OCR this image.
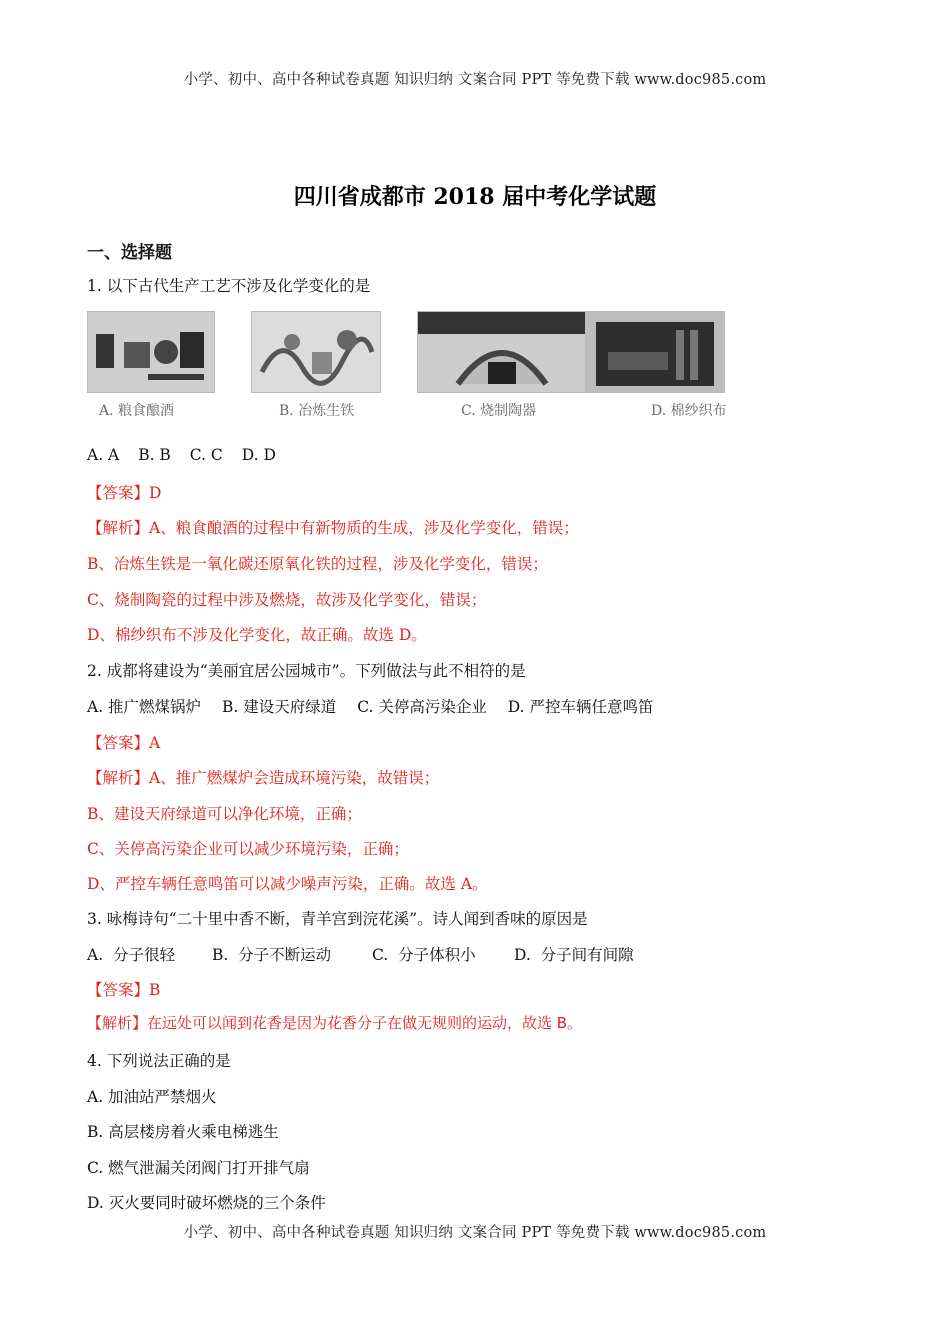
小学、初中、高中各种试卷真题 知识归纳 文案合同 PPT 等免费下载 www.doc985.com
四川省成都市 2018 届中考化学试题
一、选择题
1. 以下古代生产工艺不涉及化学变化的是
A. 粮食酿酒	B. 冶炼生铁	C. 烧制陶器	D. 棉纱织布
A. A B. B C. C D. D
【答案】D
【解析】A、粮食酿酒的过程中有新物质的生成，涉及化学变化，错误；
B、冶炼生铁是一氧化碳还原氧化铁的过程，涉及化学变化，错误；
C、烧制陶瓷的过程中涉及燃烧，故涉及化学变化，错误；
D、棉纱织布不涉及化学变化，故正确。故选 D。
2. 成都将建设为“美丽宜居公园城市”。下列做法与此不相符的是
A. 推广燃煤锅炉 B. 建设天府绿道 C. 关停高污染企业 D. 严控车辆任意鸣笛
【答案】A
【解析】A、推广燃煤炉会造成环境污染，故错误；
B、建设天府绿道可以净化环境，正确；
C、关停高污染企业可以减少环境污染，正确；
D、严控车辆任意鸣笛可以减少噪声污染，正确。故选 A。
3. 咏梅诗句“二十里中香不断，青羊宫到浣花溪”。诗人闻到香味的原因是
A.  分子很轻 B.  分子不断运动	C.  分子体积小 D.  分子间有间隙
【答案】B
【解析】在远处可以闻到花香是因为花香分子在做无规则的运动，故选 B。
4. 下列说法正确的是
A. 加油站严禁烟火
B. 高层楼房着火乘电梯逃生
C. 燃气泄漏关闭阀门打开排气扇
D. 灭火要同时破坏燃烧的三个条件
小学、初中、高中各种试卷真题 知识归纳 文案合同 PPT 等免费下载 www.doc985.com
